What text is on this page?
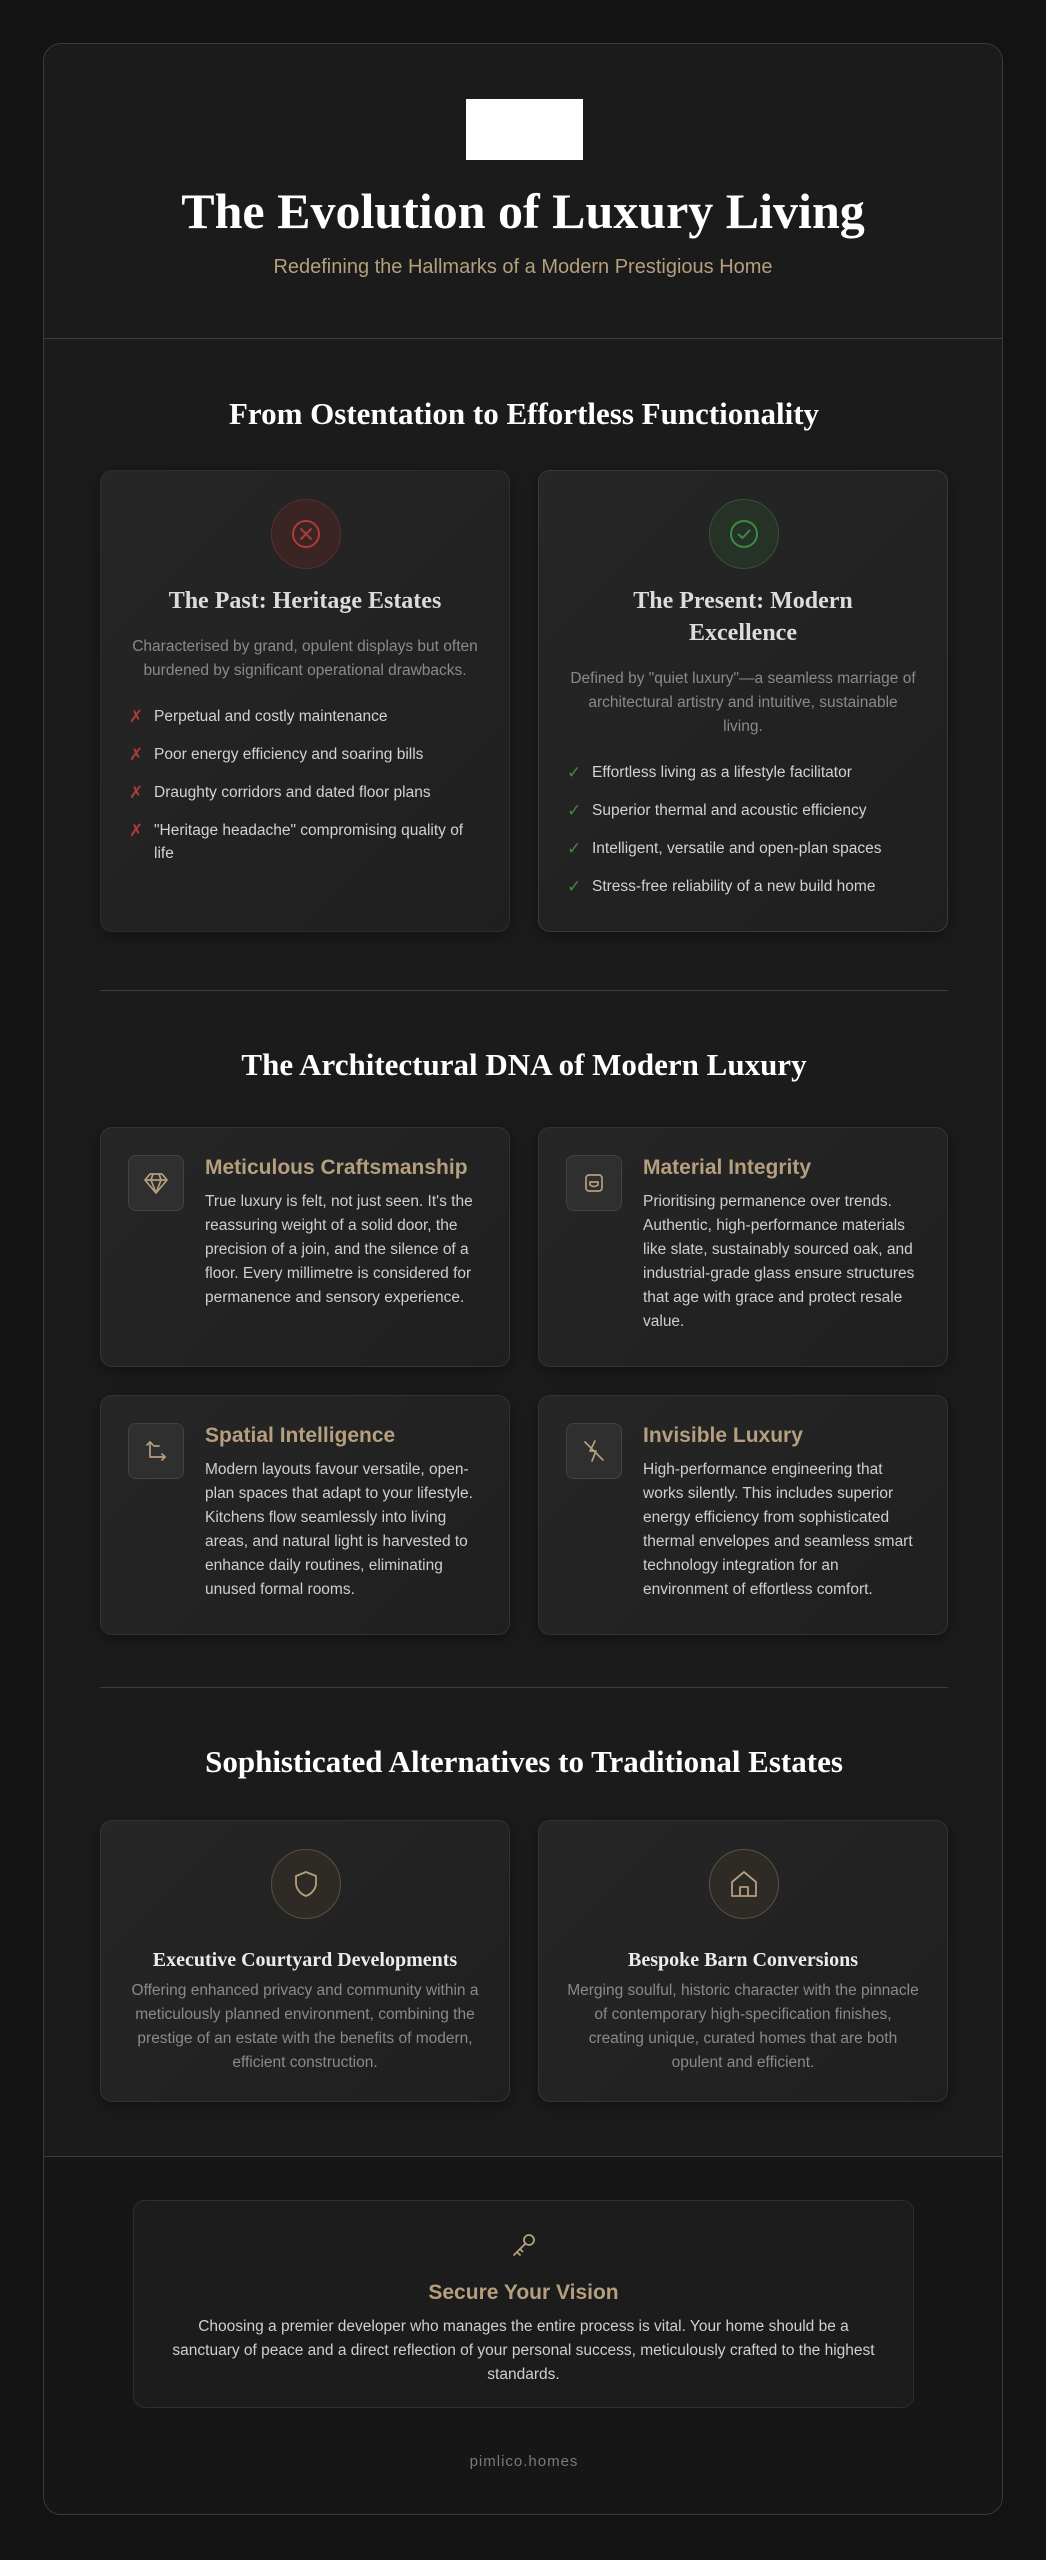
The Evolution of Luxury Living

Redefining the Hallmarks of a Modern Prestigious Home

From Ostentation to Effortless Functionality
The Past: Heritage Estates

Characterised by grand, opulent displays but often burdened by significant operational drawbacks.

✗ Perpetual and costly maintenance
✗ Poor energy efficiency and soaring bills
✗ Draughty corridors and dated floor plans
✗ "Heritage headache" compromising quality of life
The Present: Modern Excellence

Defined by "quiet luxury"—a seamless marriage of architectural artistry and intuitive, sustainable living.

✓ Effortless living as a lifestyle facilitator
✓ Superior thermal and acoustic efficiency
✓ Intelligent, versatile and open-plan spaces
✓ Stress-free reliability of a new build home
The Architectural DNA of Modern Luxury
Meticulous Craftsmanship

True luxury is felt, not just seen. It's the reassuring weight of a solid door, the precision of a join, and the silence of a floor. Every millimetre is considered for permanence and sensory experience.

Material Integrity

Prioritising permanence over trends. Authentic, high-performance materials like slate, sustainably sourced oak, and industrial-grade glass ensure structures that age with grace and protect resale value.

Spatial Intelligence

Modern layouts favour versatile, open-plan spaces that adapt to your lifestyle. Kitchens flow seamlessly into living areas, and natural light is harvested to enhance daily routines, eliminating unused formal rooms.

Invisible Luxury

High-performance engineering that works silently. This includes superior energy efficiency from sophisticated thermal envelopes and seamless smart technology integration for an environment of effortless comfort.

Sophisticated Alternatives to Traditional Estates
Executive Courtyard Developments

Offering enhanced privacy and community within a meticulously planned environment, combining the prestige of an estate with the benefits of modern, efficient construction.

Bespoke Barn Conversions

Merging soulful, historic character with the pinnacle of contemporary high-specification finishes, creating unique, curated homes that are both opulent and efficient.

Secure Your Vision

Choosing a premier developer who manages the entire process is vital. Your home should be a sanctuary of peace and a direct reflection of your personal success, meticulously crafted to the highest standards.

pimlico.homes
